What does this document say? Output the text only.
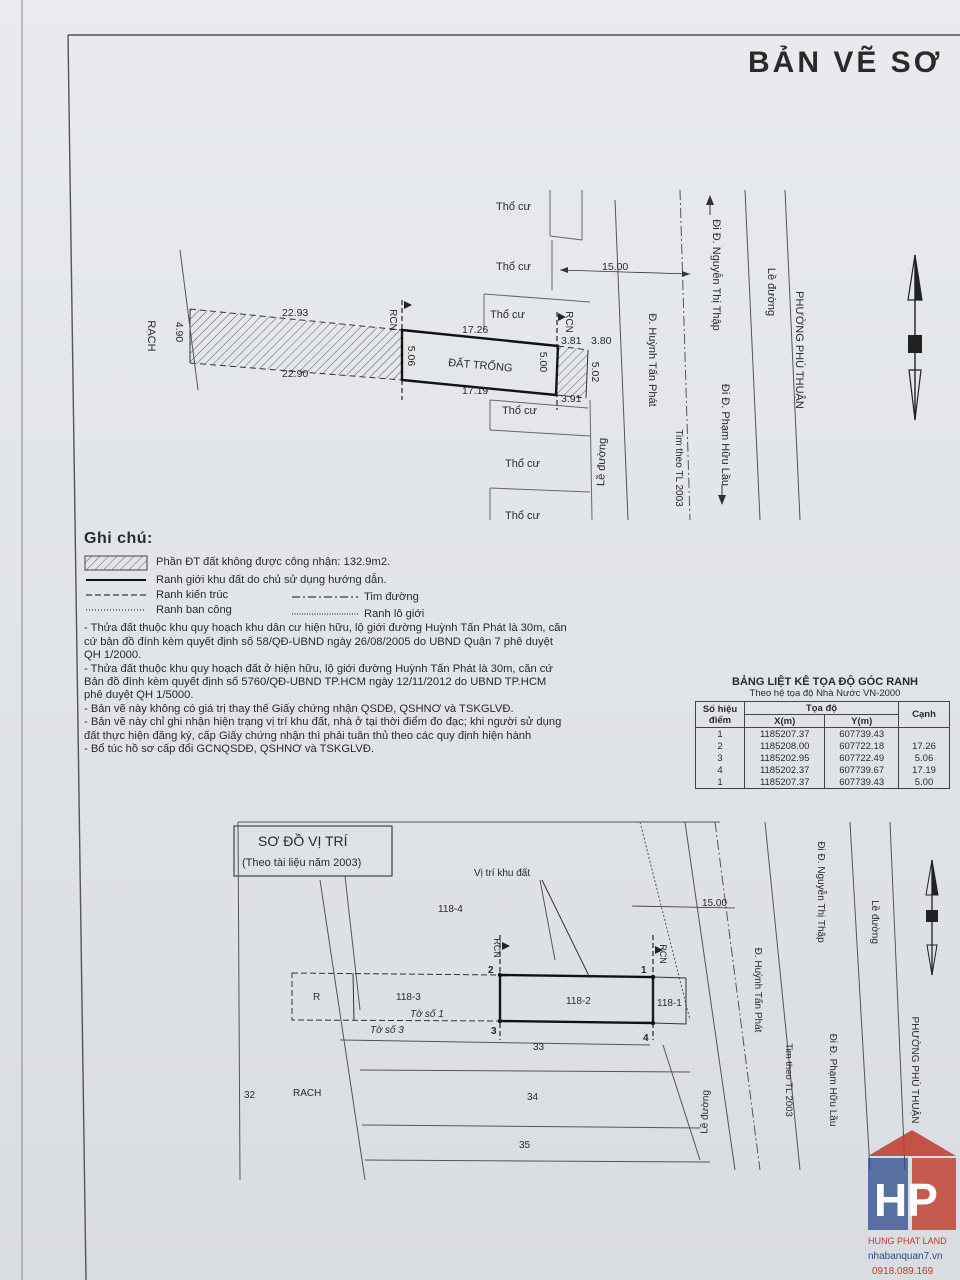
BẢN VẼ SƠ
Thổ cư
Thổ cư
Thổ cư
Thổ cư
Thổ cư
Thổ cư
ĐẤT TRỐNG
RẠCH
RCN	RCN
Lề đường
Lề đường PHƯỜNG PHÚ THUẬN
Đi Đ. Nguyễn Thị Thập
Đi Đ. Phạm Hữu Lầu
Đ. Huỳnh Tấn Phát
Tim theo TL 2003
15.00
22.93
22.90
17.26
17.19
4.90
5.06	5.00	5.02
3.81 3.80
3.91
SƠ ĐỒ VỊ TRÍ
(Theo tài liệu năm 2003)
Vị trí khu đất
118-4
118-3	118-2	118-1
R
Tờ số 1
Tờ số 3
33
34
35
32	RACH
1
2
3
4
15.00
RCN	RCN
Đi Đ. Nguyễn Thị Thập	Lề đường
Đ. Huỳnh Tấn Phát
Tim theo TL 2003	Đi Đ. Phạm Hữu Lầu
Lề đường	PHƯỜNG PHÚ THUẬN
Ghi chú:
Phần ĐT đất không được công nhận: 132.9m2.
Ranh giới khu đất do chủ sử dụng hướng dẫn.
Ranh kiến trúc	Tim đường
Ranh ban công	Ranh lô giới
- Thửa đất thuộc khu quy hoạch khu dân cư hiện hữu, lộ giới đường Huỳnh Tấn Phát là 30m, căn
cứ bản đồ đính kèm quyết định số 58/QĐ-UBND ngày 26/08/2005 do UBND Quận 7 phê duyệt
QH 1/2000.
- Thửa đất thuộc khu quy hoạch đất ở hiện hữu, lộ giới đường Huỳnh Tấn Phát là 30m, căn cứ
Bản đồ đính kèm quyết định số 5760/QĐ-UBND TP.HCM ngày 12/11/2012 do UBND TP.HCM
phê duyệt QH 1/5000.
- Bản vẽ này không có giá trị thay thế Giấy chứng nhận QSDĐ, QSHNƠ và TSKGLVĐ.
- Bản vẽ này chỉ ghi nhận hiện trạng vị trí khu đất, nhà ở tại thời điểm đo đạc; khi người sử dụng
đất thực hiện đăng ký, cấp Giấy chứng nhận thì phải tuân thủ theo các quy định hiện hành
- Bổ túc hồ sơ cấp đổi GCNQSDĐ, QSHNƠ và TSKGLVĐ.
BẢNG LIỆT KÊ TỌA ĐỘ GÓC RANH
Theo hệ tọa độ Nhà Nước VN-2000
Số hiệu điểm	Tọa độ		Cạnh
	X(m)	Y(m)	
1	1185207.37	607739.43	
2	1185208.00	607722.18	17.26
3	1185202.95	607722.49	5.06
4	1185202.37	607739.67	17.19
1	1185207.37	607739.43	5.00
HP
HUNG PHAT LAND
nhabanquan7.vn
0918.089.169
